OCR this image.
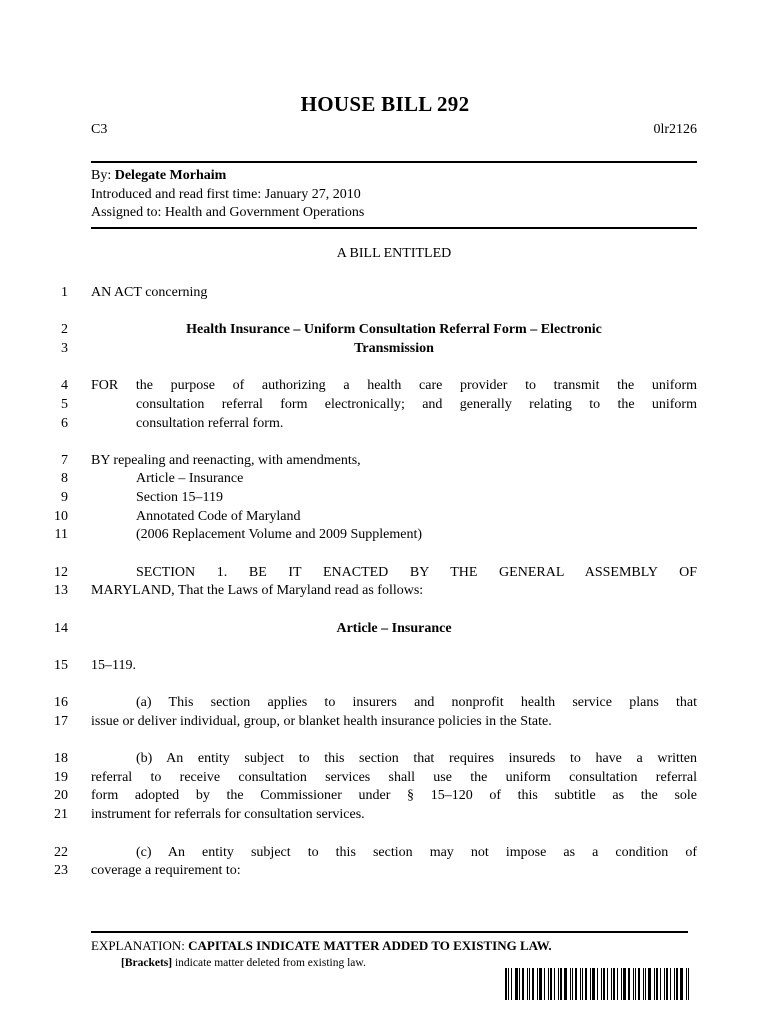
HOUSE BILL 292
C3	0lr2126
By: Delegate Morhaim
Introduced and read first time: January 27, 2010
Assigned to: Health and Government Operations
A BILL ENTITLED
1 AN ACT concerning
2	Health Insurance – Uniform Consultation Referral Form – Electronic
3	Transmission
4 FOR the purpose of authorizing a health care provider to transmit the uniform
5	consultation referral form electronically; and generally relating to the uniform
6	consultation referral form.
7 BY repealing and reenacting, with amendments,
8	Article – Insurance
9	Section 15–119
10	Annotated Code of Maryland
11	(2006 Replacement Volume and 2009 Supplement)
12	SECTION 1. BE IT ENACTED BY THE GENERAL ASSEMBLY OF
13 MARYLAND, That the Laws of Maryland read as follows:
14	Article – Insurance
15 15–119.
16	(a) This section applies to insurers and nonprofit health service plans that
17 issue or deliver individual, group, or blanket health insurance policies in the State.
18	(b) An entity subject to this section that requires insureds to have a written
19 referral to receive consultation services shall use the uniform consultation referral
20 form adopted by the Commissioner under § 15–120 of this subtitle as the sole
21 instrument for referrals for consultation services.
22	(c) An entity subject to this section may not impose as a condition of
23 coverage a requirement to:
EXPLANATION: CAPITALS INDICATE MATTER ADDED TO EXISTING LAW.
[Brackets] indicate matter deleted from existing law.
